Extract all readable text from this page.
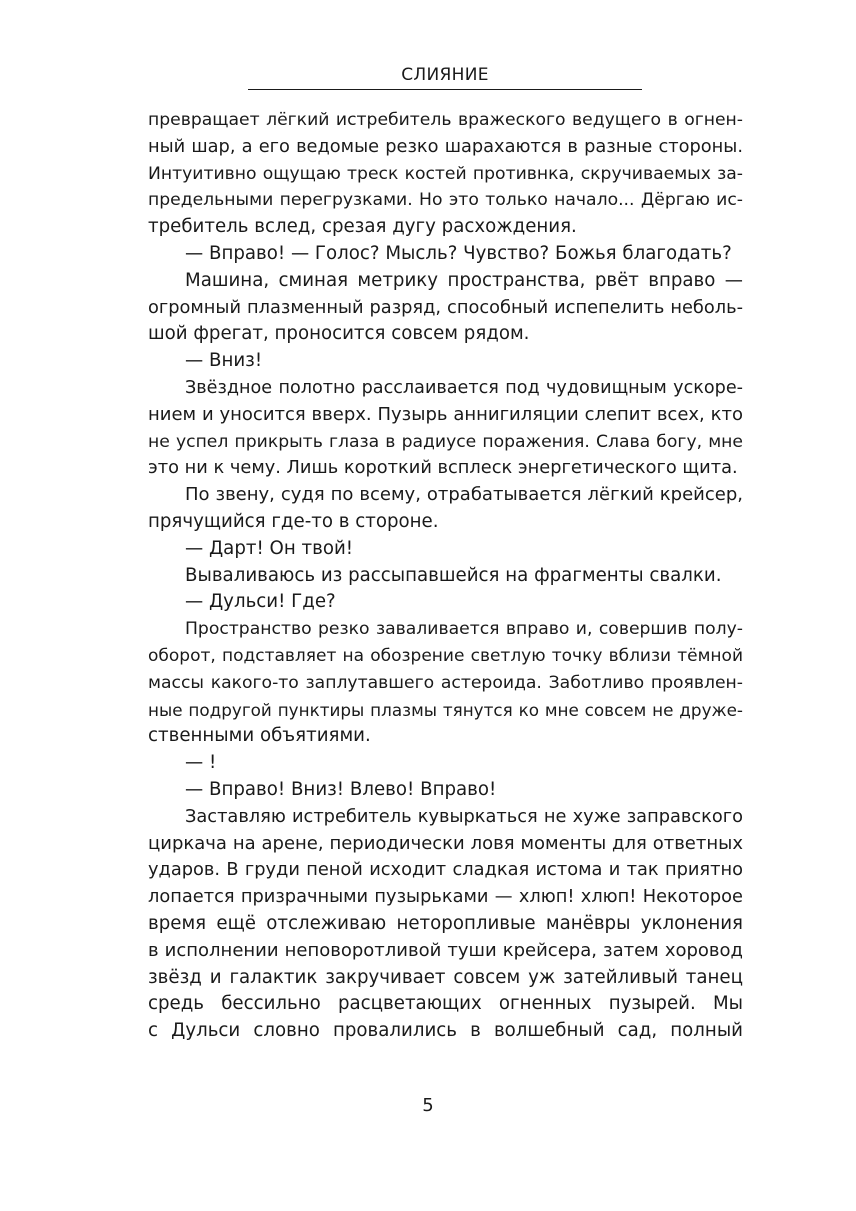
СЛИЯНИЕ
превращает лёгкий истребитель вражеского ведущего в огнен-
ный шар, а его ведомые резко шарахаются в разные стороны.
Интуитивно ощущаю треск костей противнка, скручиваемых за-
предельными перегрузками. Но это только начало... Дёргаю ис-
требитель вслед, срезая дугу расхождения.
— Вправо! — Голос? Мысль? Чувство? Божья благодать?
Машина, сминая метрику пространства, рвёт вправо —
огромный плазменный разряд, способный испепелить неболь-
шой фрегат, проносится совсем рядом.
— Вниз!
Звёздное полотно расслаивается под чудовищным ускоре-
нием и уносится вверх. Пузырь аннигиляции слепит всех, кто
не успел прикрыть глаза в радиусе поражения. Слава богу, мне
это ни к чему. Лишь короткий всплеск энергетического щита.
По звену, судя по всему, отрабатывается лёгкий крейсер,
прячущийся где-то в стороне.
— Дарт! Он твой!
Вываливаюсь из рассыпавшейся на фрагменты свалки.
— Дульси! Где?
Пространство резко заваливается вправо и, совершив полу-
оборот, подставляет на обозрение светлую точку вблизи тёмной
массы какого-то заплутавшего астероида. Заботливо проявлен-
ные подругой пунктиры плазмы тянутся ко мне совсем не друже-
ственными объятиями.
— !
— Вправо! Вниз! Влево! Вправо!
Заставляю истребитель кувыркаться не хуже заправского
циркача на арене, периодически ловя моменты для ответных
ударов. В груди пеной исходит сладкая истома и так приятно
лопается призрачными пузырьками — хлюп! хлюп! Некоторое
время ещё отслеживаю неторопливые манёвры уклонения
в исполнении неповоротливой туши крейсера, затем хоровод
звёзд и галактик закручивает совсем уж затейливый танец
средь бессильно расцветающих огненных пузырей. Мы
с Дульси словно провалились в волшебный сад, полный
5
